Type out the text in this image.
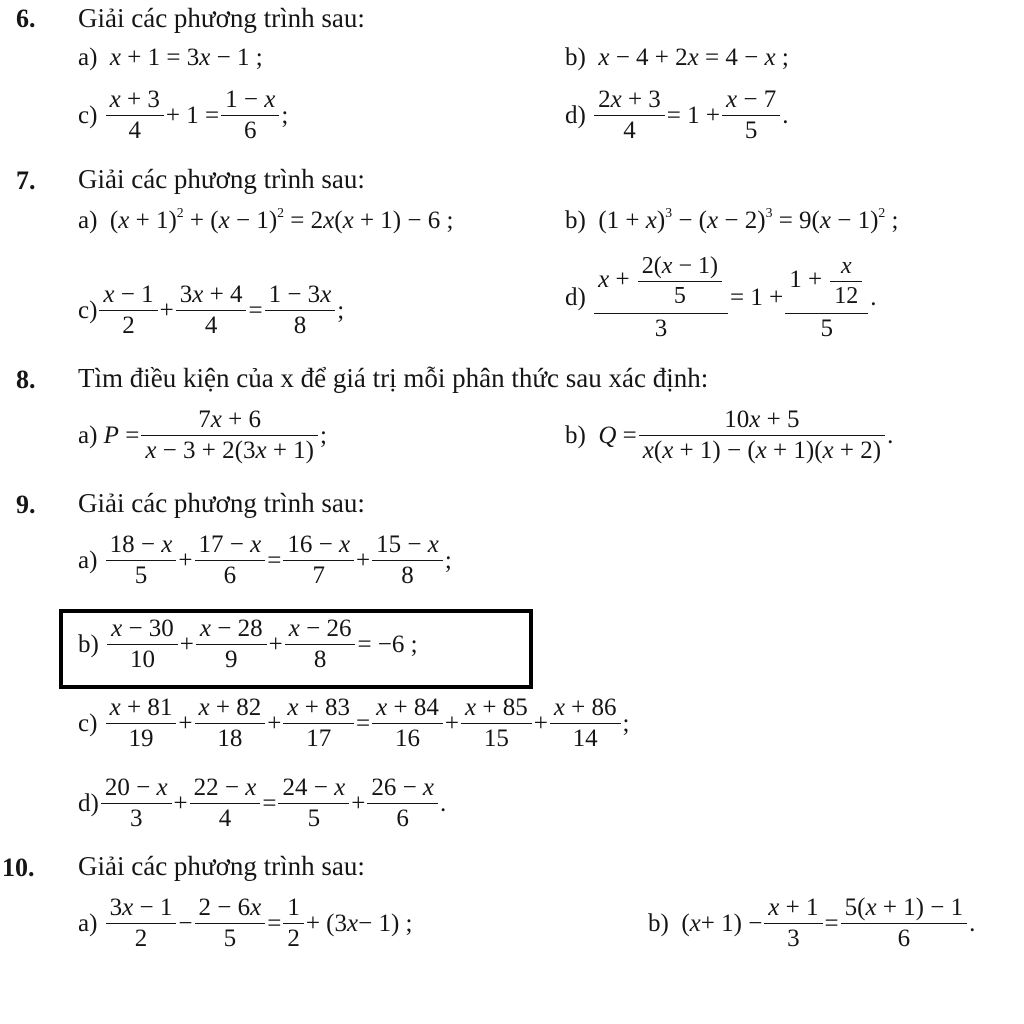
6. Giải các phương trình sau:
a)
x + 1 = 3x − 1 ;	b)
x − 4 + 2x = 4 − x ;
c)

x + 3
4
+ 1 =
1 − x
6
;	d)

2x + 3
4
= 1 +
x − 7
5
.
7. Giải các phương trình sau:
a)
$(x + 1)^2 + (x - 1)^2 = 2x(x + 1) - 6$ ;	b)
$(1 + x)^3 - (x - 2)^3 = 9(x - 1)^2$ ;
c)
x − 1
2
+
3x + 4
4
=
1 − 3x
8
;	d)

$x + \frac{2(x - 1)}{5}$
3
= 1 +
$1 + \frac{x}{12}$
5
.
8. Tìm điều kiện của x để giá trị mỗi phân thức sau xác định:
a)
P =
7x + 6
x − 3 + 2(3x + 1)
;	b)
Q =
10x + 5
x(x + 1) − (x + 1)(x + 2)
.
9. Giải các phương trình sau:
a)

18 − x
5
+
17 − x
6
=
16 − x
7
+
15 − x
8
;
b)

x − 30
10
+
x − 28
9
+
x − 26
8
= −6 ;
c)

x + 81
19
+
x + 82
18
+
x + 83
17
=
x + 84
16
+
x + 85
15
+
x + 86
14
;
d)
20 − x
3
+
22 − x
4
=
24 − x
5
+
26 − x
6
.
10. Giải các phương trình sau:
a)

3x − 1
2
−
2 − 6x
5
=
1
2
+ (3 x − 1) ;	b) ( x + 1) −
x + 1
3
=
5(x + 1) − 1
6
.
